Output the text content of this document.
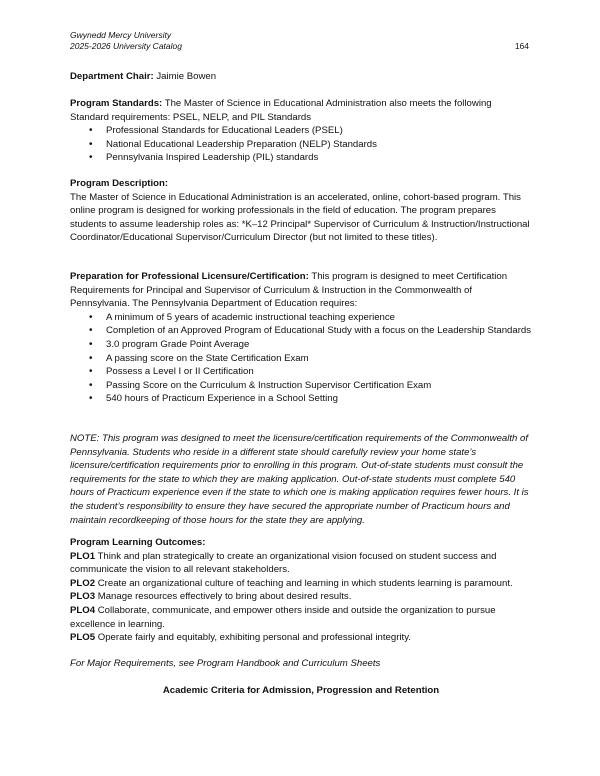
Gwynedd Mercy University
2025-2026 University Catalog	164
Department Chair: Jaimie Bowen
Program Standards: The Master of Science in Educational Administration also meets the following Standard requirements: PSEL, NELP, and PIL Standards
• Professional Standards for Educational Leaders (PSEL)
• National Educational Leadership Preparation (NELP) Standards
• Pennsylvania Inspired Leadership (PIL) standards
Program Description:
The Master of Science in Educational Administration is an accelerated, online, cohort-based program. This online program is designed for working professionals in the field of education. The program prepares students to assume leadership roles as: *K–12 Principal* Supervisor of Curriculum & Instruction/Instructional Coordinator/Educational Supervisor/Curriculum Director (but not limited to these titles).
Preparation for Professional Licensure/Certification: This program is designed to meet Certification Requirements for Principal and Supervisor of Curriculum & Instruction in the Commonwealth of Pennsylvania. The Pennsylvania Department of Education requires:
• A minimum of 5 years of academic instructional teaching experience
• Completion of an Approved Program of Educational Study with a focus on the Leadership Standards
• 3.0 program Grade Point Average
• A passing score on the State Certification Exam
• Possess a Level I or II Certification
• Passing Score on the Curriculum & Instruction Supervisor Certification Exam
• 540 hours of Practicum Experience in a School Setting
NOTE: This program was designed to meet the licensure/certification requirements of the Commonwealth of Pennsylvania. Students who reside in a different state should carefully review your home state’s licensure/certification requirements prior to enrolling in this program. Out-of-state students must consult the requirements for the state to which they are making application. Out-of-state students must complete 540 hours of Practicum experience even if the state to which one is making application requires fewer hours. It is the student’s responsibility to ensure they have secured the appropriate number of Practicum hours and maintain recordkeeping of those hours for the state they are applying.
Program Learning Outcomes:
PLO1 Think and plan strategically to create an organizational vision focused on student success and communicate the vision to all relevant stakeholders.
PLO2 Create an organizational culture of teaching and learning in which students learning is paramount.
PLO3 Manage resources effectively to bring about desired results.
PLO4 Collaborate, communicate, and empower others inside and outside the organization to pursue excellence in learning.
PLO5 Operate fairly and equitably, exhibiting personal and professional integrity.
For Major Requirements, see Program Handbook and Curriculum Sheets
Academic Criteria for Admission, Progression and Retention
